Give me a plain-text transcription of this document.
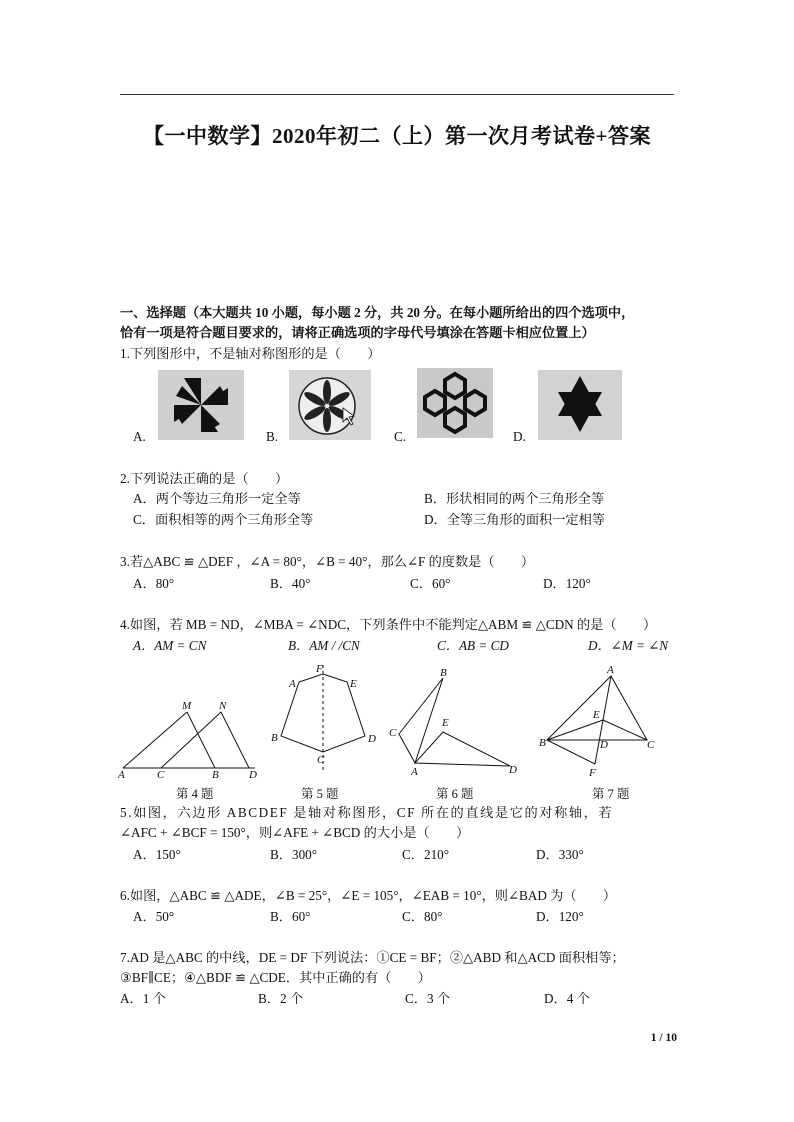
【一中数学】2020年初二（上）第一次月考试卷+答案
一、选择题（本大题共 10 小题，每小题 2 分，共 20 分。在每小题所给出的四个选项中，
恰有一项是符合题目要求的，请将正确选项的字母代号填涂在答题卡相应位置上）
1.下列图形中，不是轴对称图形的是（　　）
A.	B.	C.	D.
2.下列说法正确的是（　　）
A．两个等边三角形一定全等	B．形状相同的两个三角形全等
C．面积相等的两个三角形全等	D．全等三角形的面积一定相等
3.若△ABC ≌ △DEF ，∠A = 80°，∠B = 40°，那么∠F 的度数是（　　）
A．80°	B．40°	C．60°	D．120°
4.如图，若 MB = ND，∠MBA = ∠NDC，下列条件中不能判定△ABM ≌ △CDN 的是（　　）
A．AM = CN	B．AM / /CN	C．AB = CD	D．∠M = ∠N
M	N
A	C	B	D
F
A	E
B	D
C
B
E
C
A	D
A
E
B	D	C
F
第 4 题	第 5 题	第 6 题	第 7 题
5.如图，六边形 ABCDEF 是轴对称图形，CF 所在的直线是它的对称轴，若
∠AFC + ∠BCF = 150°，则∠AFE + ∠BCD 的大小是（　　）
A．150°	B．300°	C．210°	D．330°
6.如图，△ABC ≌ △ADE，∠B = 25°，∠E = 105°，∠EAB = 10°，则∠BAD 为（　　）
A．50°	B．60°	C．80°	D．120°
7.AD 是△ABC 的中线，DE = DF 下列说法：①CE = BF；②△ABD 和△ACD 面积相等；
③BF∥CE；④△BDF ≌ △CDE．其中正确的有（　　）
A．1 个	B．2 个	C．3 个	D．4 个
1 / 10
